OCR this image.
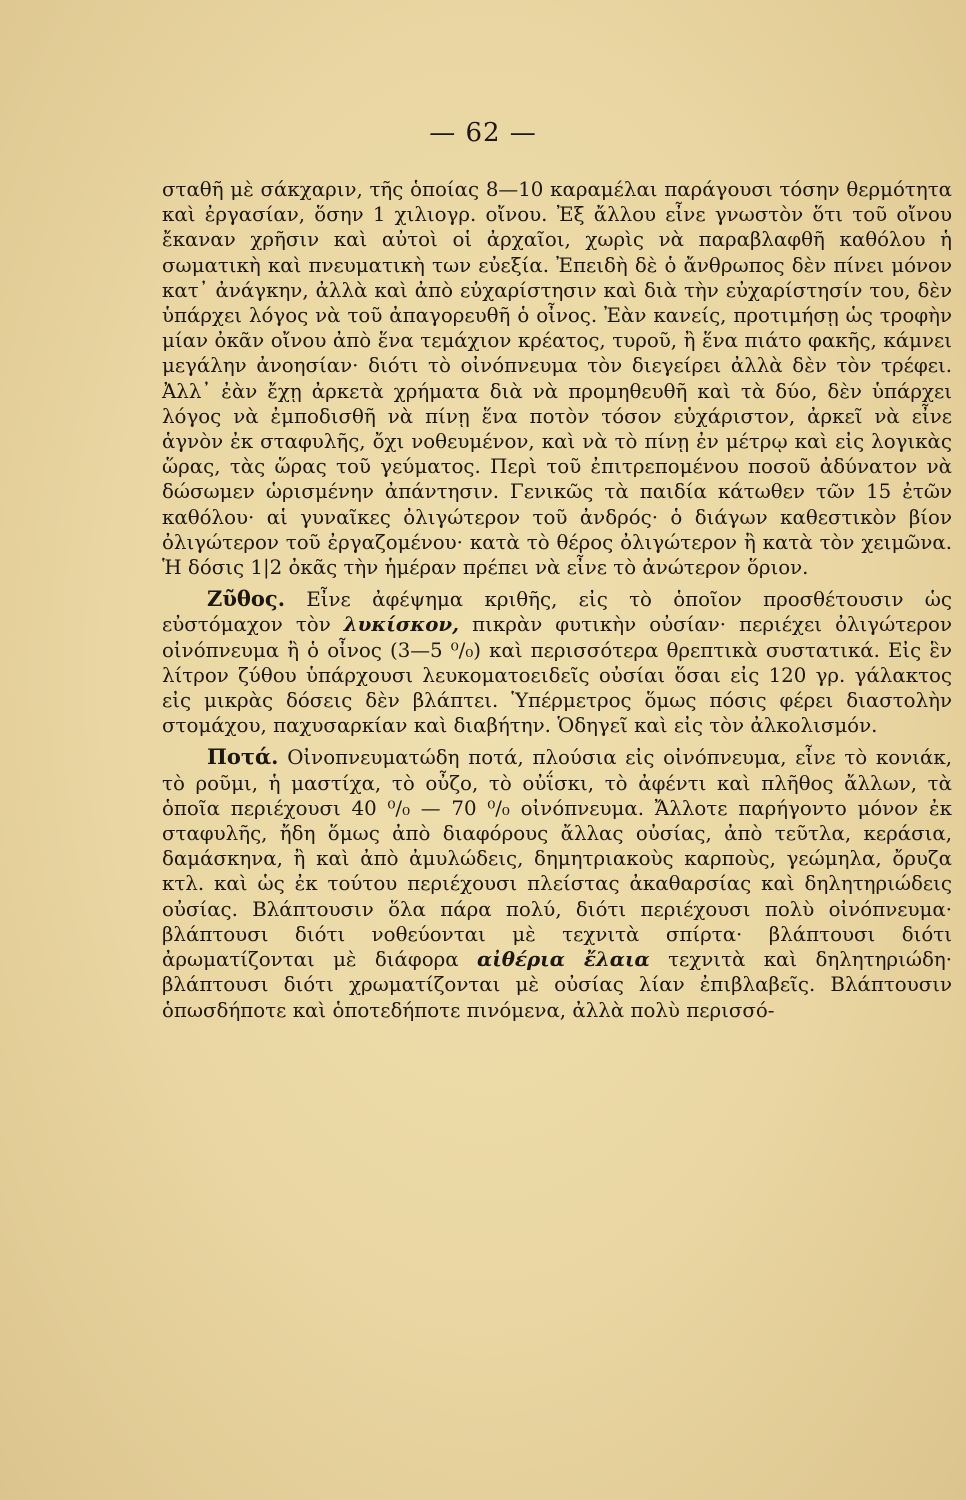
— 62 —

σταθῆ μὲ σάκχαριν, τῆς ὁποίας 8—10 καραμέλαι παράγουσι τόσην θερμότητα καὶ ἐργασίαν, ὅσην 1 χιλιογρ. οἴνου. Ἐξ ἄλλου εἶνε γνωστὸν ὅτι τοῦ οἴνου ἔκαναν χρῆσιν καὶ αὐτοὶ οἱ ἀρχαῖοι, χωρὶς νὰ παραβλαφθῆ καθόλου ἡ σωματικὴ καὶ πνευματικὴ των εὐεξία. Ἐπειδὴ δὲ ὁ ἄνθρωπος δὲν πίνει μόνον κατ᾽ ἀνάγκην, ἀλλὰ καὶ ἀπὸ εὐχαρίστησιν καὶ διὰ τὴν εὐχαρίστησίν του, δὲν ὑπάρχει λόγος νὰ τοῦ ἀπαγορευθῆ ὁ οἶνος. Ἐὰν κανείς, προτιμήσῃ ὡς τροφὴν μίαν ὀκᾶν οἴνου ἀπὸ ἕνα τεμάχιον κρέατος, τυροῦ, ἢ ἕνα πιάτο φακῆς, κάμνει μεγάλην ἀνοησίαν· διότι τὸ οἰνόπνευμα τὸν διεγείρει ἀλλὰ δὲν τὸν τρέφει. Ἀλλ᾽ ἐὰν ἔχῃ ἀρκετὰ χρήματα διὰ νὰ προμηθευθῆ καὶ τὰ δύο, δὲν ὑπάρχει λόγος νὰ ἐμποδισθῆ νὰ πίνῃ ἕνα ποτὸν τόσον εὐχάριστον, ἀρκεῖ νὰ εἶνε ἁγνὸν ἐκ σταφυλῆς, ὄχι νοθευμένον, καὶ νὰ τὸ πίνῃ ἐν μέτρῳ καὶ εἰς λογικὰς ὥρας, τὰς ὥρας τοῦ γεύματος. Περὶ τοῦ ἐπιτρεπομένου ποσοῦ ἀδύνατον νὰ δώσωμεν ὡρισμένην ἀπάντησιν. Γενικῶς τὰ παιδία κάτωθεν τῶν 15 ἐτῶν καθόλου· αἱ γυναῖκες ὀλιγώτερον τοῦ ἀνδρός· ὁ διάγων καθεστικὸν βίον ὀλιγώτερον τοῦ ἐργαζομένου· κατὰ τὸ θέρος ὀλιγώτερον ἢ κατὰ τὸν χειμῶνα. Ἡ δόσις 1|2 ὀκᾶς τὴν ἡμέραν πρέπει νὰ εἶνε τὸ ἀνώτερον ὅριον.

Ζῦθος. Εἶνε ἀφέψημα κριθῆς, εἰς τὸ ὁποῖον προσθέτουσιν ὡς εὐστόμαχον τὸν λυκίσκον, πικρὰν φυτικὴν οὐσίαν· περιέχει ὀλιγώτερον οἰνόπνευμα ἢ ὁ οἶνος (3—5 ⁰/₀) καὶ περισσότερα θρεπτικὰ συστατικά. Εἰς ἓν λίτρον ζύθου ὑπάρχουσι λευκοματοειδεῖς οὐσίαι ὅσαι εἰς 120 γρ. γάλακτος εἰς μικρὰς δόσεις δὲν βλάπτει. Ὑπέρμετρος ὅμως πόσις φέρει διαστολὴν στομάχου, παχυσαρκίαν καὶ διαβήτην. Ὁδηγεῖ καὶ εἰς τὸν ἀλκολισμόν.

Ποτά. Οἰνοπνευματώδη ποτά, πλούσια εἰς οἰνόπνευμα, εἶνε τὸ κονιάκ, τὸ ροῦμι, ἡ μαστίχα, τὸ οὖζο, τὸ οὐΐσκι, τὸ ἀφέντι καὶ πλῆθος ἄλλων, τὰ ὁποῖα περιέχουσι 40 ⁰/₀ — 70 ⁰/₀ οἰνόπνευμα. Ἄλλοτε παρήγοντο μόνον ἐκ σταφυλῆς, ἤδη ὅμως ἀπὸ διαφόρους ἄλλας οὐσίας, ἀπὸ τεῦτλα, κεράσια, δαμάσκηνα, ἢ καὶ ἀπὸ ἀμυλώδεις, δημητριακοὺς καρποὺς, γεώμηλα, ὄρυζα κτλ. καὶ ὡς ἐκ τούτου περιέχουσι πλείστας ἀκαθαρσίας καὶ δηλητηριώδεις οὐσίας. Βλάπτουσιν ὅλα πάρα πολύ, διότι περιέχουσι πολὺ οἰνόπνευμα· βλάπτουσι διότι νοθεύονται μὲ τεχνιτὰ σπίρτα· βλάπτουσι διότι ἀρωματίζονται μὲ διάφορα αἰθέρια ἔλαια τεχνιτὰ καὶ δηλητηριώδη· βλάπτουσι διότι χρωματίζονται μὲ οὐσίας λίαν ἐπιβλαβεῖς. Βλάπτουσιν ὁπωσδήποτε καὶ ὁποτεδήποτε πινόμενα, ἀλλὰ πολὺ περισσό-
